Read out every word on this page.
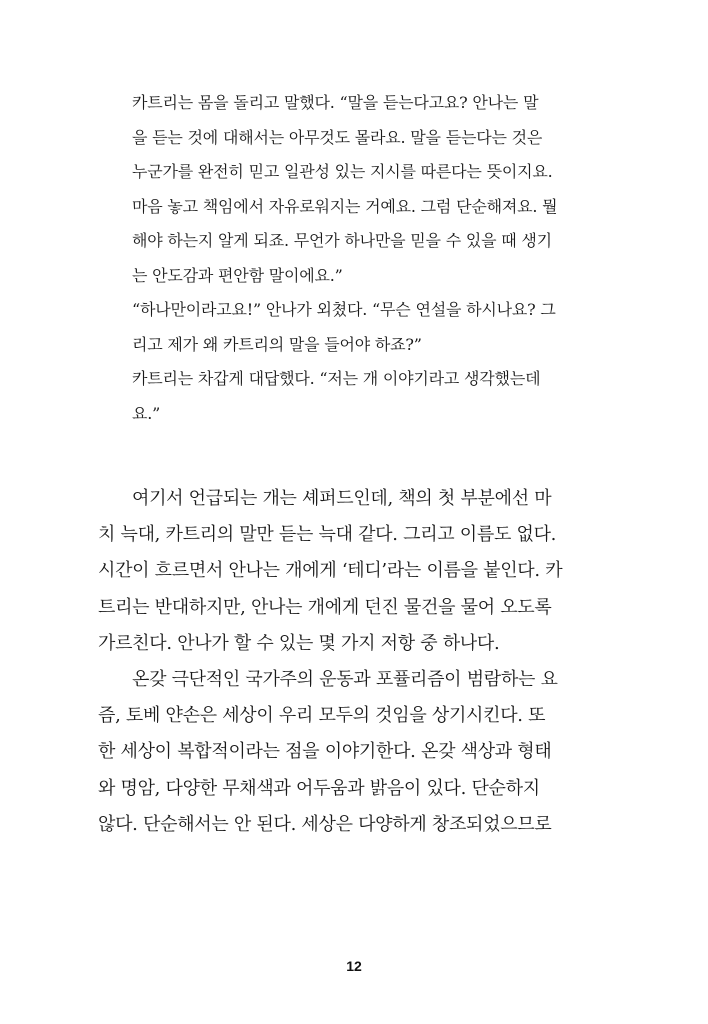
카트리는 몸을 돌리고 말했다. “말을 듣는다고요? 안나는 말
을 듣는 것에 대해서는 아무것도 몰라요. 말을 듣는다는 것은
누군가를 완전히 믿고 일관성 있는 지시를 따른다는 뜻이지요.
마음 놓고 책임에서 자유로워지는 거예요. 그럼 단순해져요. 뭘
해야 하는지 알게 되죠. 무언가 하나만을 믿을 수 있을 때 생기
는 안도감과 편안함 말이에요.”
“하나만이라고요!” 안나가 외쳤다. “무슨 연설을 하시나요? 그
리고 제가 왜 카트리의 말을 들어야 하죠?”
카트리는 차갑게 대답했다. “저는 개 이야기라고 생각했는데
요.”
여기서 언급되는 개는 셰퍼드인데, 책의 첫 부분에선 마
치 늑대, 카트리의 말만 듣는 늑대 같다. 그리고 이름도 없다.
시간이 흐르면서 안나는 개에게 ‘테디’라는 이름을 붙인다. 카
트리는 반대하지만, 안나는 개에게 던진 물건을 물어 오도록
가르친다. 안나가 할 수 있는 몇 가지 저항 중 하나다.
온갖 극단적인 국가주의 운동과 포퓰리즘이 범람하는 요
즘, 토베 얀손은 세상이 우리 모두의 것임을 상기시킨다. 또
한 세상이 복합적이라는 점을 이야기한다. 온갖 색상과 형태
와 명암, 다양한 무채색과 어두움과 밝음이 있다. 단순하지
않다. 단순해서는 안 된다. 세상은 다양하게 창조되었으므로
12
